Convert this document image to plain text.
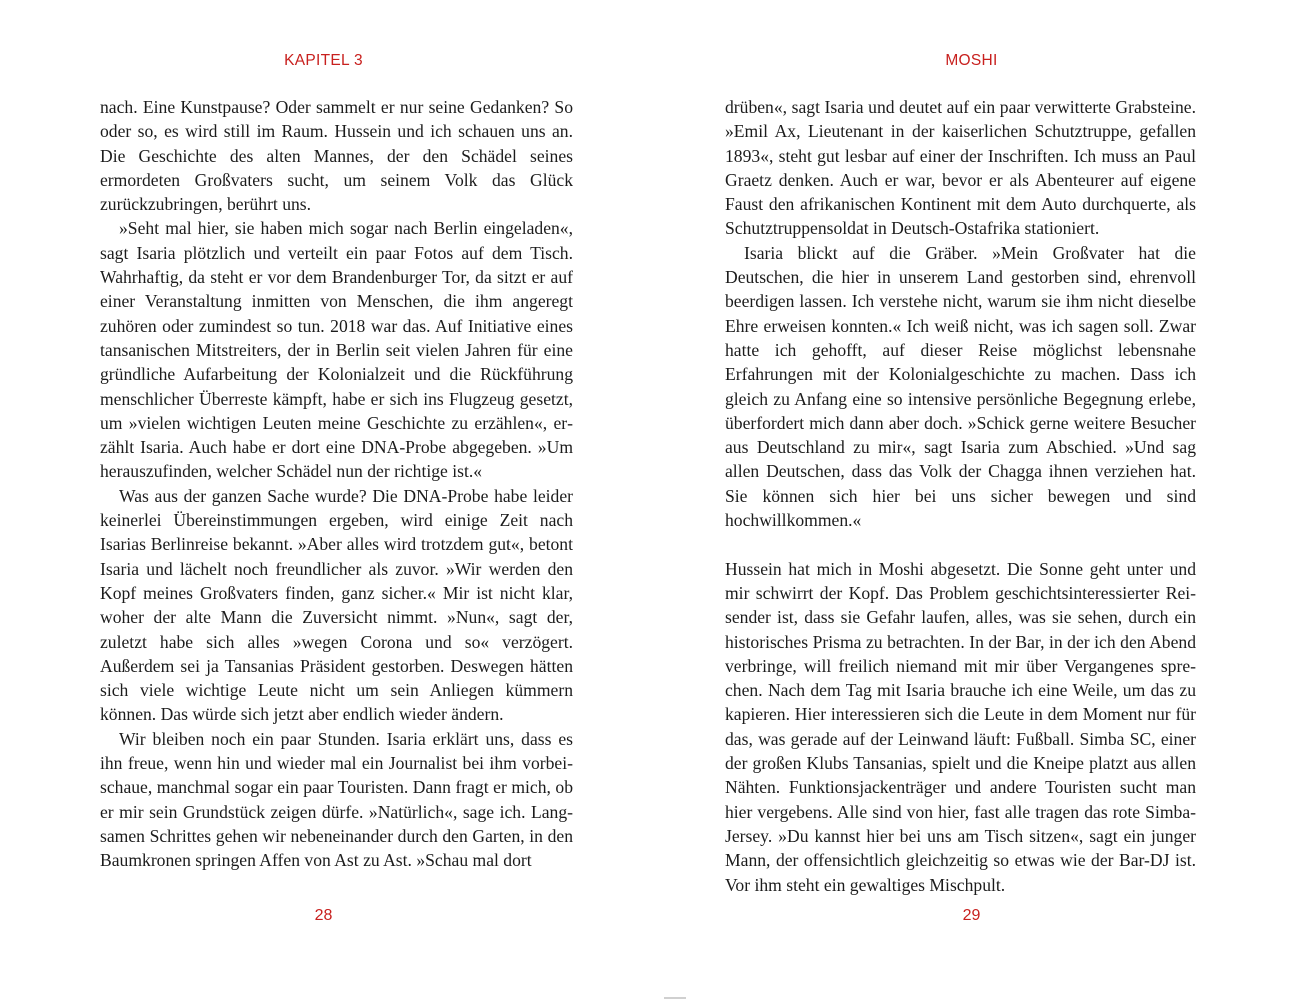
KAPITEL 3

nach. Eine Kunstpause? Oder sammelt er nur seine Gedanken? So oder so, es wird still im Raum. Hussein und ich schauen uns an. Die Geschichte des alten Mannes, der den Schädel seines ermordeten Großvaters sucht, um seinem Volk das Glück zurückzubringen, berührt uns.

»Seht mal hier, sie haben mich sogar nach Berlin eingeladen«, sagt Isaria plötzlich und verteilt ein paar Fotos auf dem Tisch. Wahrhaftig, da steht er vor dem Brandenburger Tor, da sitzt er auf einer Veranstaltung inmitten von Menschen, die ihm angeregt zuhören oder zumindest so tun. 2018 war das. Auf Initiative eines tansanischen Mitstreiters, der in Berlin seit vielen Jahren für eine gründliche Aufarbeitung der Kolonialzeit und die Rückführung menschlicher Überreste kämpft, habe er sich ins Flugzeug gesetzt, um »vielen wichtigen Leuten meine Geschichte zu erzählen«, erzählt Isaria. Auch habe er dort eine DNA-Probe abgegeben. »Um herauszufinden, welcher Schädel nun der richtige ist.«

Was aus der ganzen Sache wurde? Die DNA-Probe habe leider keinerlei Übereinstimmungen ergeben, wird einige Zeit nach Isarias Berlinreise bekannt. »Aber alles wird trotzdem gut«, betont Isaria und lächelt noch freundlicher als zuvor. »Wir werden den Kopf meines Großvaters finden, ganz sicher.« Mir ist nicht klar, woher der alte Mann die Zuversicht nimmt. »Nun«, sagt der, zuletzt habe sich alles »wegen Corona und so« verzögert. Außerdem sei ja Tansanias Präsident gestorben. Deswegen hätten sich viele wichtige Leute nicht um sein Anliegen kümmern können. Das würde sich jetzt aber endlich wieder ändern.

Wir bleiben noch ein paar Stunden. Isaria erklärt uns, dass es ihn freue, wenn hin und wieder mal ein Journalist bei ihm vorbeischaue, manchmal sogar ein paar Touristen. Dann fragt er mich, ob er mir sein Grundstück zeigen dürfe. »Natürlich«, sage ich. Langsamen Schrittes gehen wir nebeneinander durch den Garten, in den Baumkronen springen Affen von Ast zu Ast. »Schau mal dort

28
MOSHI

drüben«, sagt Isaria und deutet auf ein paar verwitterte Grabsteine. »Emil Ax, Lieutenant in der kaiserlichen Schutztruppe, gefallen 1893«, steht gut lesbar auf einer der Inschriften. Ich muss an Paul Graetz denken. Auch er war, bevor er als Abenteurer auf eigene Faust den afrikanischen Kontinent mit dem Auto durchquerte, als Schutztruppensoldat in Deutsch-Ostafrika stationiert.

Isaria blickt auf die Gräber. »Mein Großvater hat die Deutschen, die hier in unserem Land gestorben sind, ehrenvoll beerdigen lassen. Ich verstehe nicht, warum sie ihm nicht dieselbe Ehre erweisen konnten.« Ich weiß nicht, was ich sagen soll. Zwar hatte ich gehofft, auf dieser Reise möglichst lebensnahe Erfahrungen mit der Kolonialgeschichte zu machen. Dass ich gleich zu Anfang eine so intensive persönliche Begegnung erlebe, überfordert mich dann aber doch. »Schick gerne weitere Besucher aus Deutschland zu mir«, sagt Isaria zum Abschied. »Und sag allen Deutschen, dass das Volk der Chagga ihnen verziehen hat. Sie können sich hier bei uns sicher bewegen und sind hochwillkommen.«

Hussein hat mich in Moshi abgesetzt. Die Sonne geht unter und mir schwirrt der Kopf. Das Problem geschichtsinteressierter Reisender ist, dass sie Gefahr laufen, alles, was sie sehen, durch ein historisches Prisma zu betrachten. In der Bar, in der ich den Abend verbringe, will freilich niemand mit mir über Vergangenes sprechen. Nach dem Tag mit Isaria brauche ich eine Weile, um das zu kapieren. Hier interessieren sich die Leute in dem Moment nur für das, was gerade auf der Leinwand läuft: Fußball. Simba SC, einer der großen Klubs Tansanias, spielt und die Kneipe platzt aus allen Nähten. Funktionsjackenträger und andere Touristen sucht man hier vergebens. Alle sind von hier, fast alle tragen das rote Simba-Jersey. »Du kannst hier bei uns am Tisch sitzen«, sagt ein junger Mann, der offensichtlich gleichzeitig so etwas wie der Bar-DJ ist. Vor ihm steht ein gewaltiges Mischpult.

29
